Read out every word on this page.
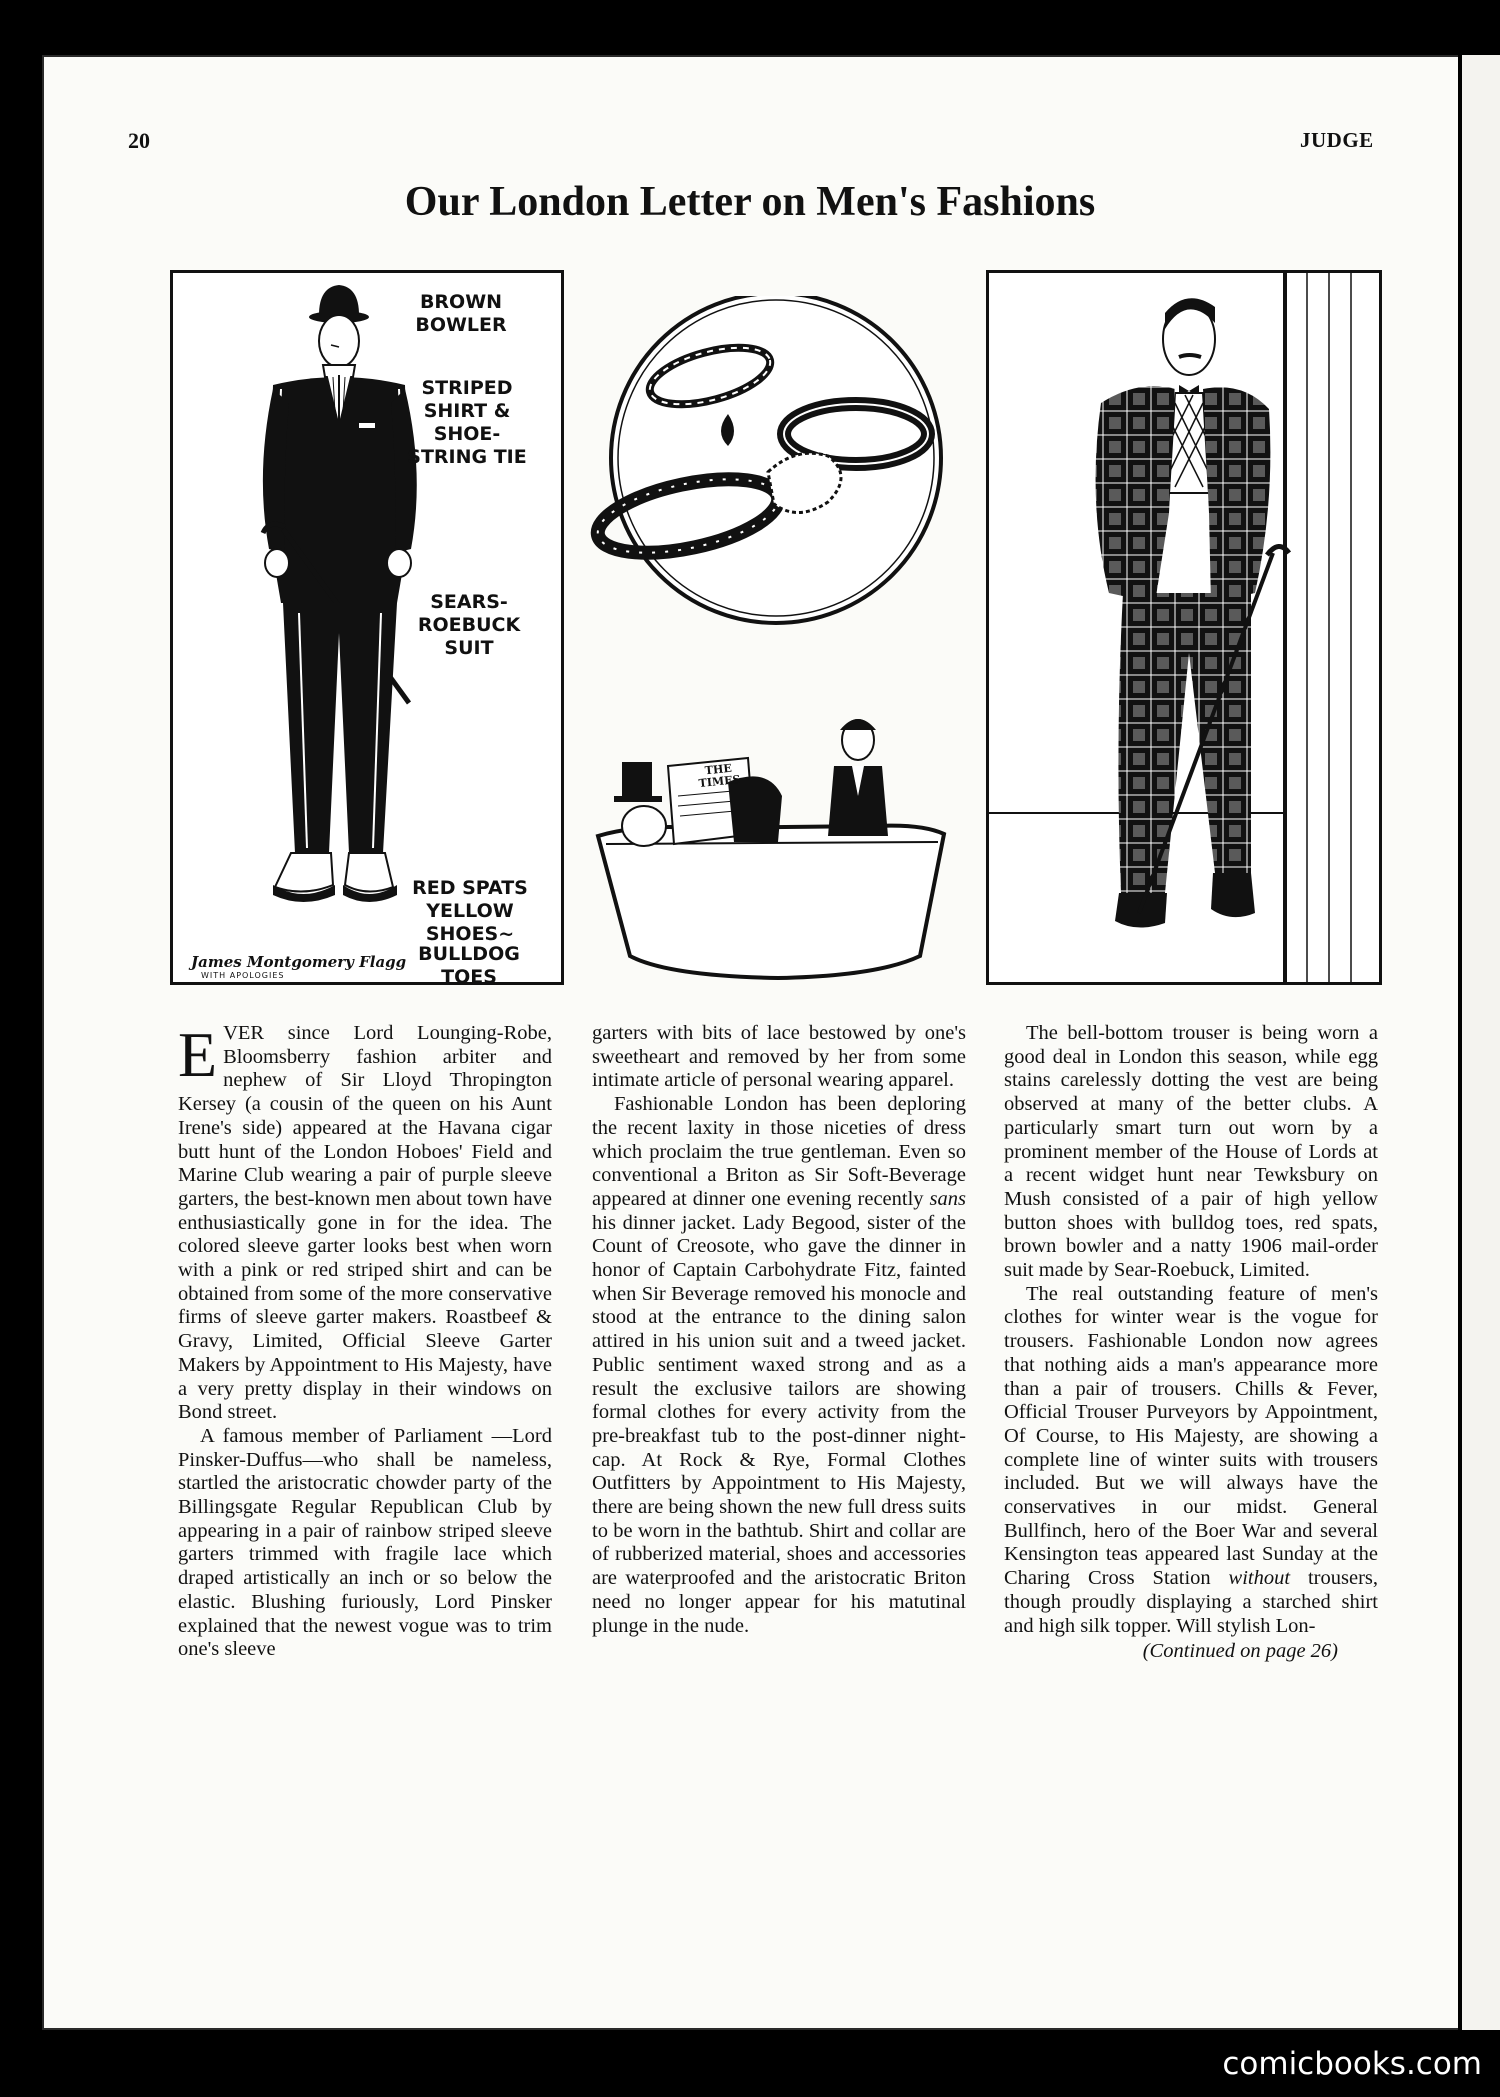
20	JUDGE
Our London Letter on Men's Fashions
BROWN BOWLER
STRIPED SHIRT & SHOE-STRING TIE
SEARS-ROEBUCK SUIT
RED SPATS YELLOW SHOES~
BULLDOG TOES
James Montgomery Flagg
WITH APOLOGIES
THE TIMES

EVER since Lord Lounging-Robe, Bloomsberry fashion arbiter and nephew of Sir Lloyd Thropington Kersey (a cousin of the queen on his Aunt Irene's side) appeared at the Havana cigar butt hunt of the London Hoboes' Field and Marine Club wearing a pair of purple sleeve garters, the best-known men about town have enthusiastically gone in for the idea. The colored sleeve garter looks best when worn with a pink or red striped shirt and can be obtained from some of the more conservative firms of sleeve garter makers. Roastbeef & Gravy, Limited, Official Sleeve Garter Makers by Appointment to His Majesty, have a very pretty display in their windows on Bond street.

A famous member of Parliament —Lord Pinsker-Duffus—who shall be nameless, startled the aristocratic chowder party of the Billingsgate Regular Republican Club by appearing in a pair of rainbow striped sleeve garters trimmed with fragile lace which draped artistically an inch or so below the elastic. Blushing furiously, Lord Pinsker explained that the newest vogue was to trim one's sleeve

garters with bits of lace bestowed by one's sweetheart and removed by her from some intimate article of personal wearing apparel.

Fashionable London has been deploring the recent laxity in those niceties of dress which proclaim the true gentleman. Even so conventional a Briton as Sir Soft-Beverage appeared at dinner one evening recently sans his dinner jacket. Lady Begood, sister of the Count of Creosote, who gave the dinner in honor of Captain Carbohydrate Fitz, fainted when Sir Beverage removed his monocle and stood at the entrance to the dining salon attired in his union suit and a tweed jacket. Public sentiment waxed strong and as a result the exclusive tailors are showing formal clothes for every activity from the pre-breakfast tub to the post-dinner night-cap. At Rock & Rye, Formal Clothes Outfitters by Appointment to His Majesty, there are being shown the new full dress suits to be worn in the bathtub. Shirt and collar are of rubberized material, shoes and accessories are waterproofed and the aristocratic Briton need no longer appear for his matutinal plunge in the nude.

The bell-bottom trouser is being worn a good deal in London this season, while egg stains carelessly dotting the vest are being observed at many of the better clubs. A particularly smart turn out worn by a prominent member of the House of Lords at a recent widget hunt near Tewksbury on Mush consisted of a pair of high yellow button shoes with bulldog toes, red spats, brown bowler and a natty 1906 mail-order suit made by Sear-Roebuck, Limited.

The real outstanding feature of men's clothes for winter wear is the vogue for trousers. Fashionable London now agrees that nothing aids a man's appearance more than a pair of trousers. Chills & Fever, Official Trouser Purveyors by Appointment, Of Course, to His Majesty, are showing a complete line of winter suits with trousers included. But we will always have the conservatives in our midst. General Bullfinch, hero of the Boer War and several Kensington teas appeared last Sunday at the Charing Cross Station without trousers, though proudly displaying a starched shirt and high silk topper. Will stylish Lon-

(Continued on page 26)

comicbooks.com
